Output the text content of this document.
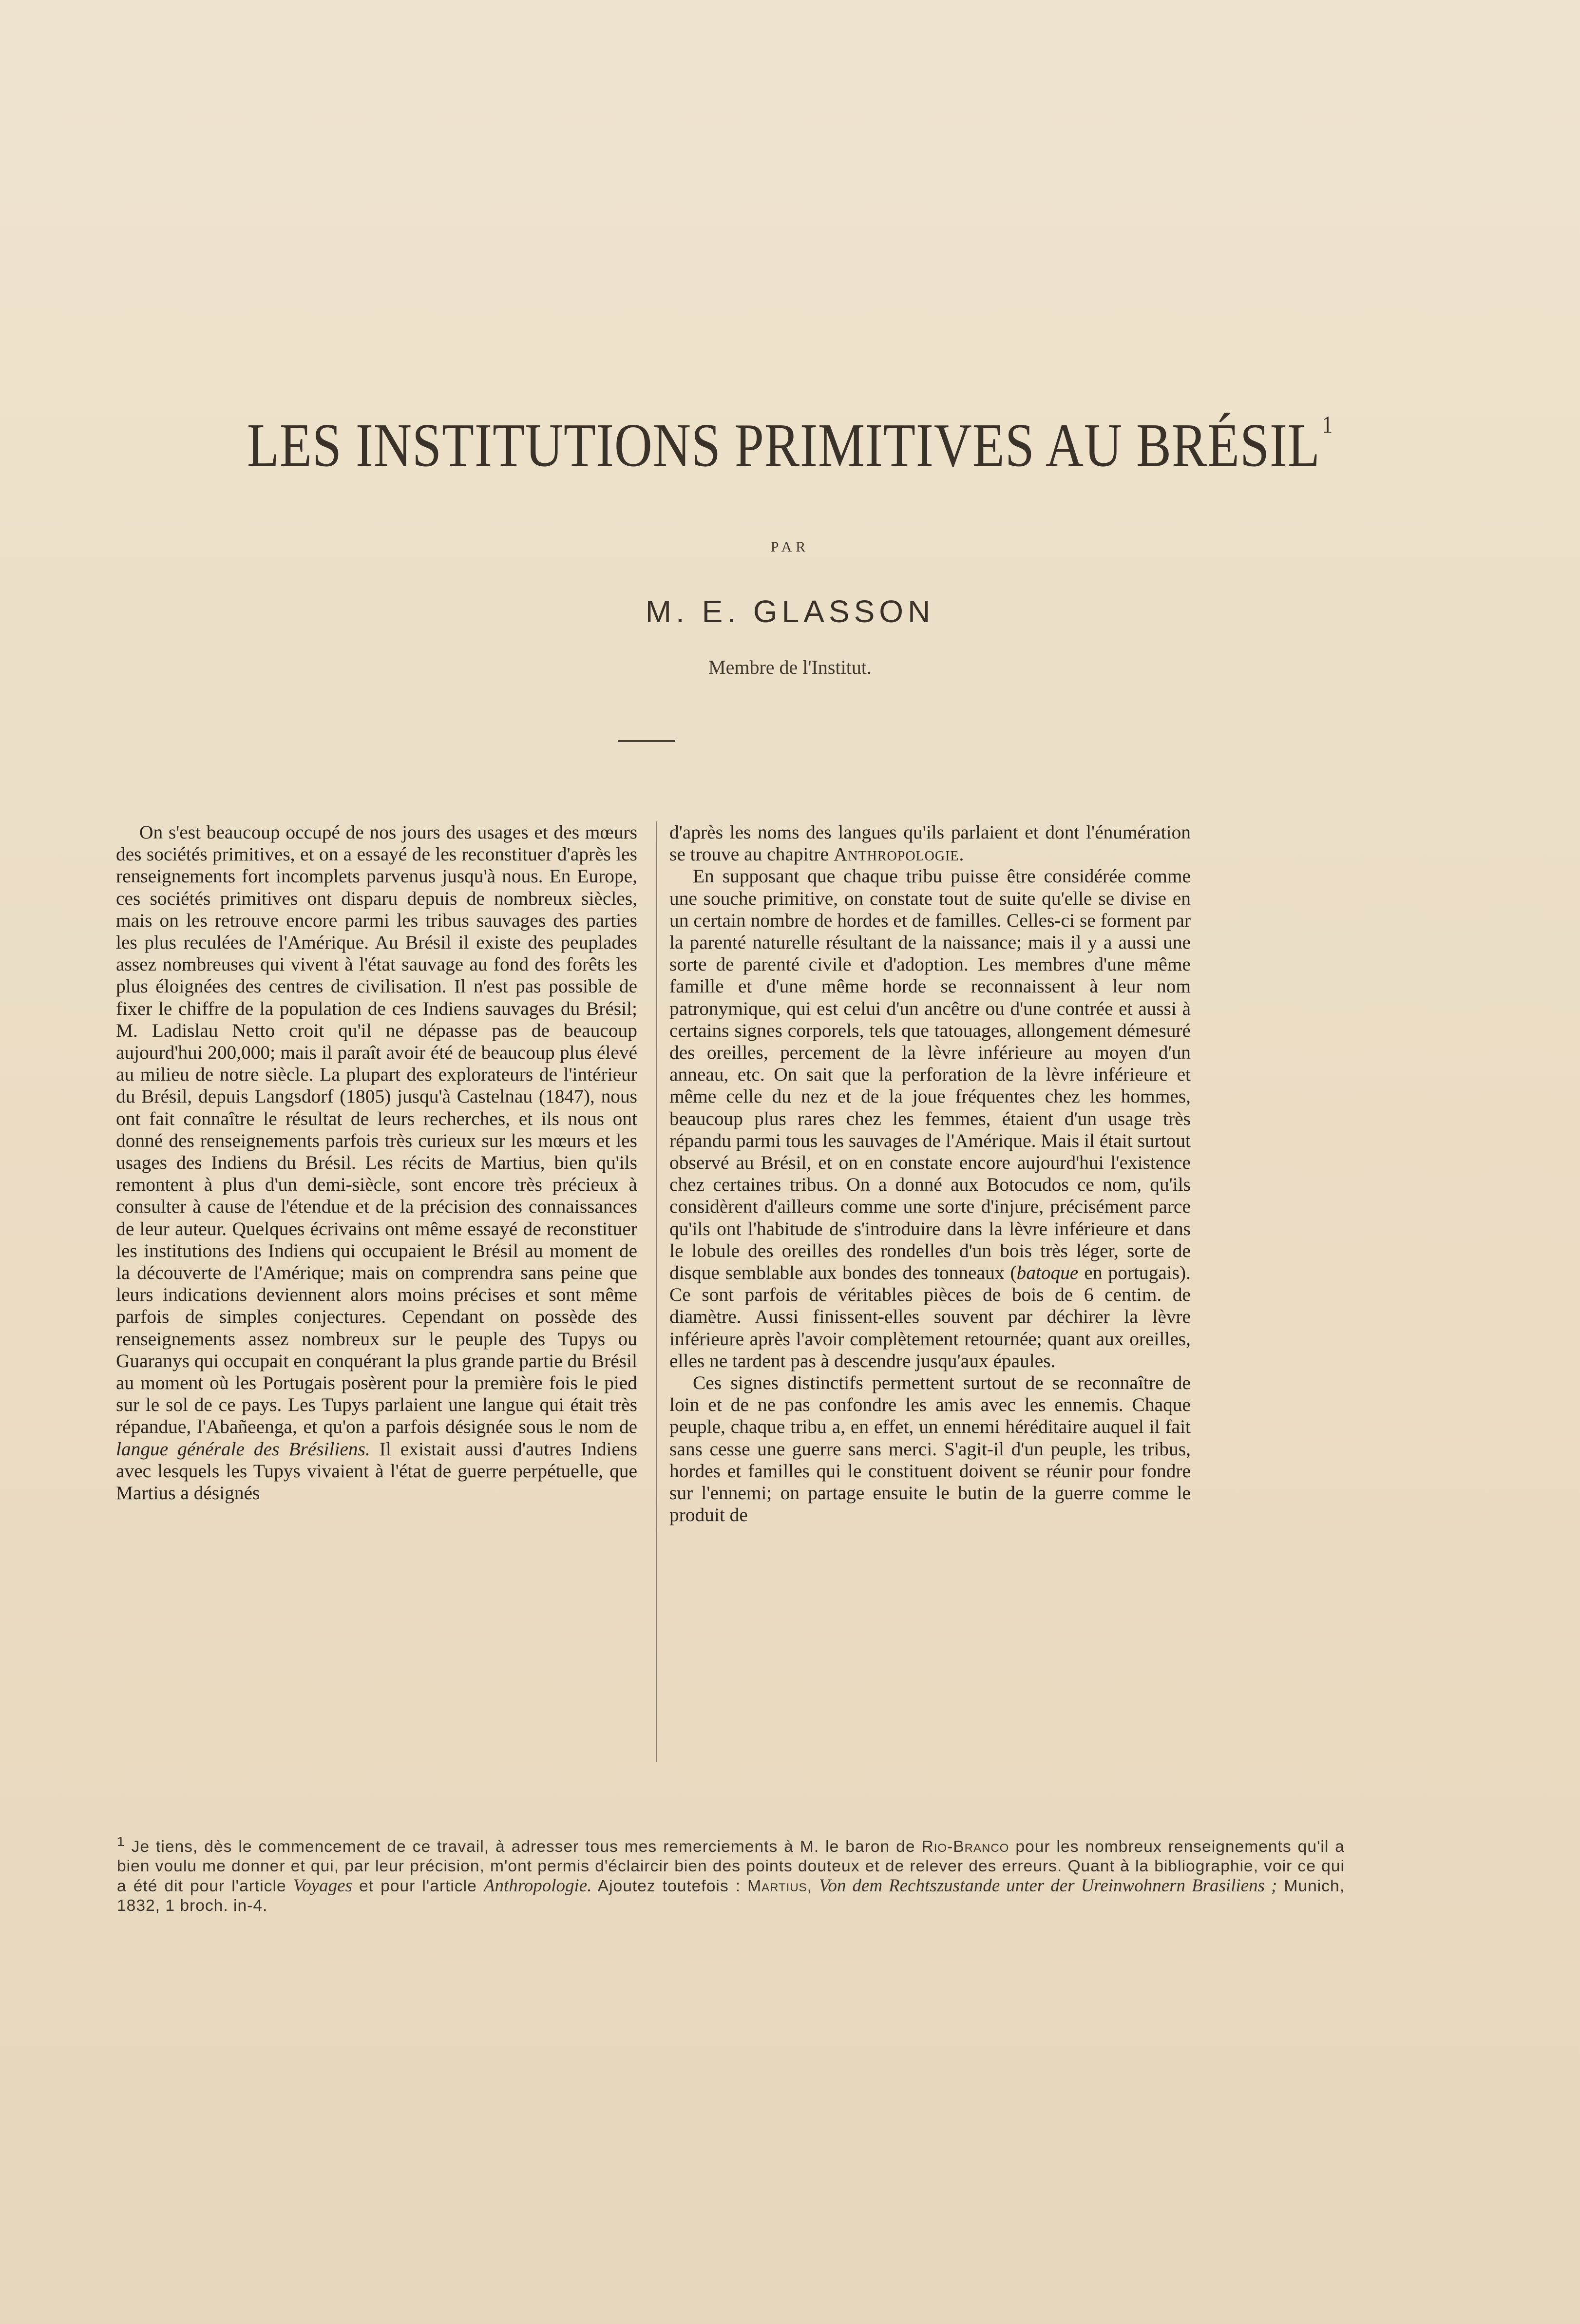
LES INSTITUTIONS PRIMITIVES AU BRÉSIL$^1$
PAR
M. E. GLASSON
Membre de l'Institut.

On s'est beaucoup occupé de nos jours des usages et des mœurs des sociétés primitives, et on a essayé de les reconstituer d'après les renseignements fort incomplets parvenus jusqu'à nous. En Europe, ces sociétés primitives ont disparu depuis de nombreux siècles, mais on les retrouve encore parmi les tribus sauvages des parties les plus reculées de l'Amérique. Au Brésil il existe des peuplades assez nombreuses qui vivent à l'état sauvage au fond des forêts les plus éloignées des centres de civilisation. Il n'est pas possible de fixer le chiffre de la population de ces Indiens sauvages du Brésil; M. Ladislau Netto croit qu'il ne dépasse pas de beaucoup aujourd'hui 200,000; mais il paraît avoir été de beaucoup plus élevé au milieu de notre siècle. La plupart des explorateurs de l'intérieur du Brésil, depuis Langsdorf (1805) jusqu'à Castelnau (1847), nous ont fait connaître le résultat de leurs recherches, et ils nous ont donné des renseignements parfois très curieux sur les mœurs et les usages des Indiens du Brésil. Les récits de Martius, bien qu'ils remontent à plus d'un demi-siècle, sont encore très précieux à consulter à cause de l'étendue et de la précision des connaissances de leur auteur. Quelques écrivains ont même essayé de reconstituer les institutions des Indiens qui occupaient le Brésil au moment de la découverte de l'Amérique; mais on comprendra sans peine que leurs indications deviennent alors moins précises et sont même parfois de simples conjectures. Cependant on possède des renseignements assez nombreux sur le peuple des Tupys ou Guaranys qui occupait en conquérant la plus grande partie du Brésil au moment où les Portugais posèrent pour la première fois le pied sur le sol de ce pays. Les Tupys parlaient une langue qui était très répandue, l'Abañeenga, et qu'on a parfois désignée sous le nom de langue générale des Brésiliens. Il existait aussi d'autres Indiens avec lesquels les Tupys vivaient à l'état de guerre perpétuelle, que Martius a désignés

d'après les noms des langues qu'ils parlaient et dont l'énumération se trouve au chapitre Anthropologie.

En supposant que chaque tribu puisse être considérée comme une souche primitive, on constate tout de suite qu'elle se divise en un certain nombre de hordes et de familles. Celles-ci se forment par la parenté naturelle résultant de la naissance; mais il y a aussi une sorte de parenté civile et d'adoption. Les membres d'une même famille et d'une même horde se reconnaissent à leur nom patronymique, qui est celui d'un ancêtre ou d'une contrée et aussi à certains signes corporels, tels que tatouages, allongement démesuré des oreilles, percement de la lèvre inférieure au moyen d'un anneau, etc. On sait que la perforation de la lèvre inférieure et même celle du nez et de la joue fréquentes chez les hommes, beaucoup plus rares chez les femmes, étaient d'un usage très répandu parmi tous les sauvages de l'Amérique. Mais il était surtout observé au Brésil, et on en constate encore aujourd'hui l'existence chez certaines tribus. On a donné aux Botocudos ce nom, qu'ils considèrent d'ailleurs comme une sorte d'injure, précisément parce qu'ils ont l'habitude de s'introduire dans la lèvre inférieure et dans le lobule des oreilles des rondelles d'un bois très léger, sorte de disque semblable aux bondes des tonneaux (batoque en portugais). Ce sont parfois de véritables pièces de bois de 6 centim. de diamètre. Aussi finissent-elles souvent par déchirer la lèvre inférieure après l'avoir complètement retournée; quant aux oreilles, elles ne tardent pas à descendre jusqu'aux épaules.

Ces signes distinctifs permettent surtout de se reconnaître de loin et de ne pas confondre les amis avec les ennemis. Chaque peuple, chaque tribu a, en effet, un ennemi héréditaire auquel il fait sans cesse une guerre sans merci. S'agit-il d'un peuple, les tribus, hordes et familles qui le constituent doivent se réunir pour fondre sur l'ennemi; on partage ensuite le butin de la guerre comme le produit de

$^1$ Je tiens, dès le commencement de ce travail, à adresser tous mes remerciements à M. le baron de Rio-Branco pour les nombreux renseignements qu'il a bien voulu me donner et qui, par leur précision, m'ont permis d'éclaircir bien des points douteux et de relever des erreurs. Quant à la bibliographie, voir ce qui a été dit pour l'article Voyages et pour l'article Anthropologie. Ajoutez toutefois : Martius, Von dem Rechtszustande unter der Ureinwohnern Brasiliens ; Munich, 1832, 1 broch. in-4.
